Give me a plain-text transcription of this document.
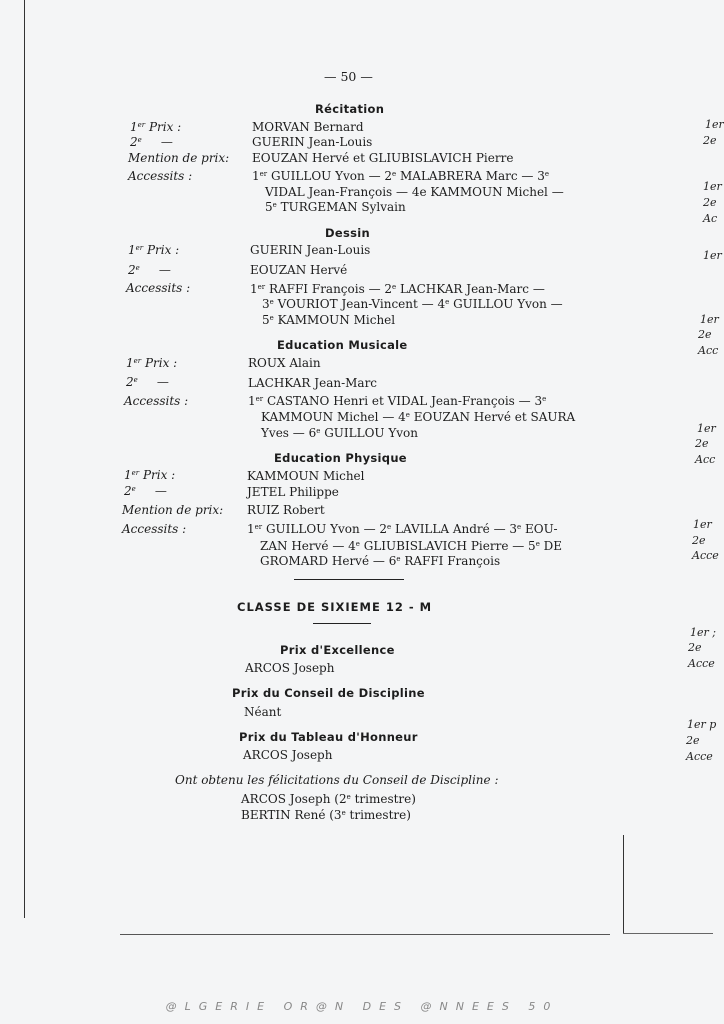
— 50 —
Récitation
1er Prix :	MORVAN Bernard
2e     —	GUERIN Jean-Louis
Mention de prix: EOUZAN Hervé et GLIUBISLAVICH Pierre
Accessits :	1er GUILLOU Yvon — 2e MALABRERA Marc — 3e
VIDAL Jean-François — 4e KAMMOUN Michel —
5e TURGEMAN Sylvain
Dessin
1er Prix :	GUERIN Jean-Louis
2e     —	EOUZAN Hervé
Accessits :	1er RAFFI François — 2e LACHKAR Jean-Marc —
3e VOURIOT Jean-Vincent — 4e GUILLOU Yvon —
5e KAMMOUN Michel
Education Musicale
1er Prix :	ROUX Alain
2e     —	LACHKAR Jean-Marc
Accessits :	1er CASTANO Henri et VIDAL Jean-François — 3e
KAMMOUN Michel — 4e EOUZAN Hervé et SAURA
Yves — 6e GUILLOU Yvon
Education Physique
1er Prix :	KAMMOUN Michel
2e     —	JETEL Philippe
Mention de prix: RUIZ Robert
Accessits :	1er GUILLOU Yvon — 2e LAVILLA André — 3e EOU-
ZAN Hervé — 4e GLIUBISLAVICH Pierre — 5e DE
GROMARD Hervé — 6e RAFFI François
CLASSE DE SIXIEME 12 - M
Prix d'Excellence
ARCOS Joseph
Prix du Conseil de Discipline
Néant
Prix du Tableau d'Honneur
ARCOS Joseph
Ont obtenu les félicitations du Conseil de Discipline :
ARCOS Joseph (2e trimestre)
BERTIN René (3e trimestre)
1er
2e
1er
2e
Ac
1er
1er
2e
Acc
1er
2e
Acc
1er
2e
Acce
1er ;
2e
Acce
1er p
2e
Acce
@LGERIE OR@N DES @NNEES 50
